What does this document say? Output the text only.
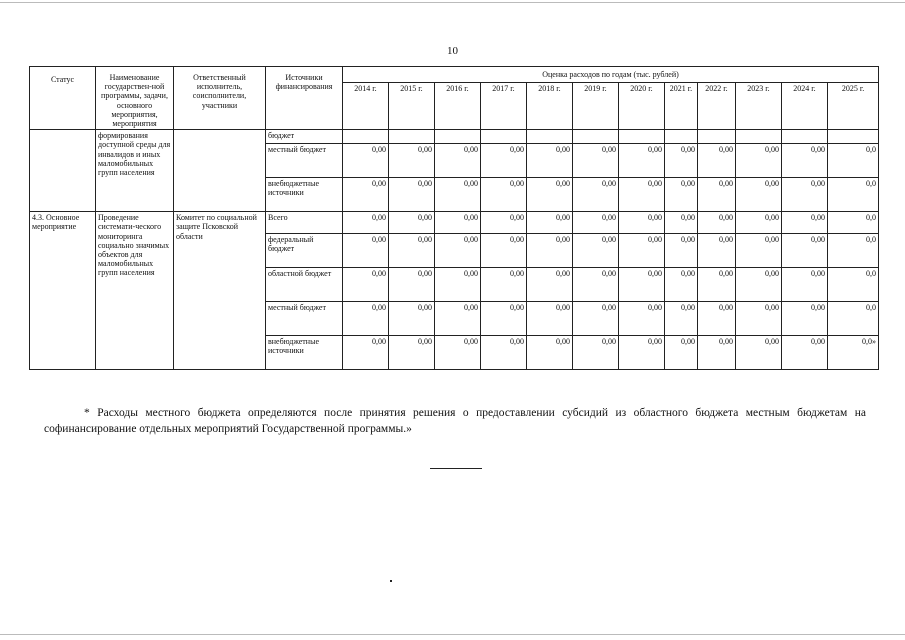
10
Статус	Наименование государствен-ной программы, задачи, основного мероприятия, мероприятия	Ответственный исполнитель, соисполнители, участники	Источники финансирования	Оценка расходов по годам (тыс. рублей)											
				2014 г.	2015 г.	2016 г.	2017 г.	2018 г.	2019 г.	2020 г.	2021 г.	2022 г.	2023 г.	2024 г.	2025 г.
	формирования доступной среды для инвалидов и иных маломобильных групп населения		бюджет												
			местный бюджет	0,00	0,00	0,00	0,00	0,00	0,00	0,00	0,00	0,00	0,00	0,00	0,0
			внебюджетные источники	0,00	0,00	0,00	0,00	0,00	0,00	0,00	0,00	0,00	0,00	0,00	0,0
4.3. Основное мероприятие	Проведение системати-ческого мониторинга социально значимых объектов для маломобильных групп населения	Комитет по социальной защите Псковской области	Всего	0,00	0,00	0,00	0,00	0,00	0,00	0,00	0,00	0,00	0,00	0,00	0,0
			федеральный бюджет	0,00	0,00	0,00	0,00	0,00	0,00	0,00	0,00	0,00	0,00	0,00	0,0
			областной бюджет	0,00	0,00	0,00	0,00	0,00	0,00	0,00	0,00	0,00	0,00	0,00	0,0
			местный бюджет	0,00	0,00	0,00	0,00	0,00	0,00	0,00	0,00	0,00	0,00	0,00	0,0
			внебюджетные источники	0,00	0,00	0,00	0,00	0,00	0,00	0,00	0,00	0,00	0,00	0,00	0,0»
* Расходы местного бюджета определяются после принятия решения о предоставлении субсидий из областного бюджета местным бюджетам на софинансирование отдельных мероприятий Государственной программы.»
